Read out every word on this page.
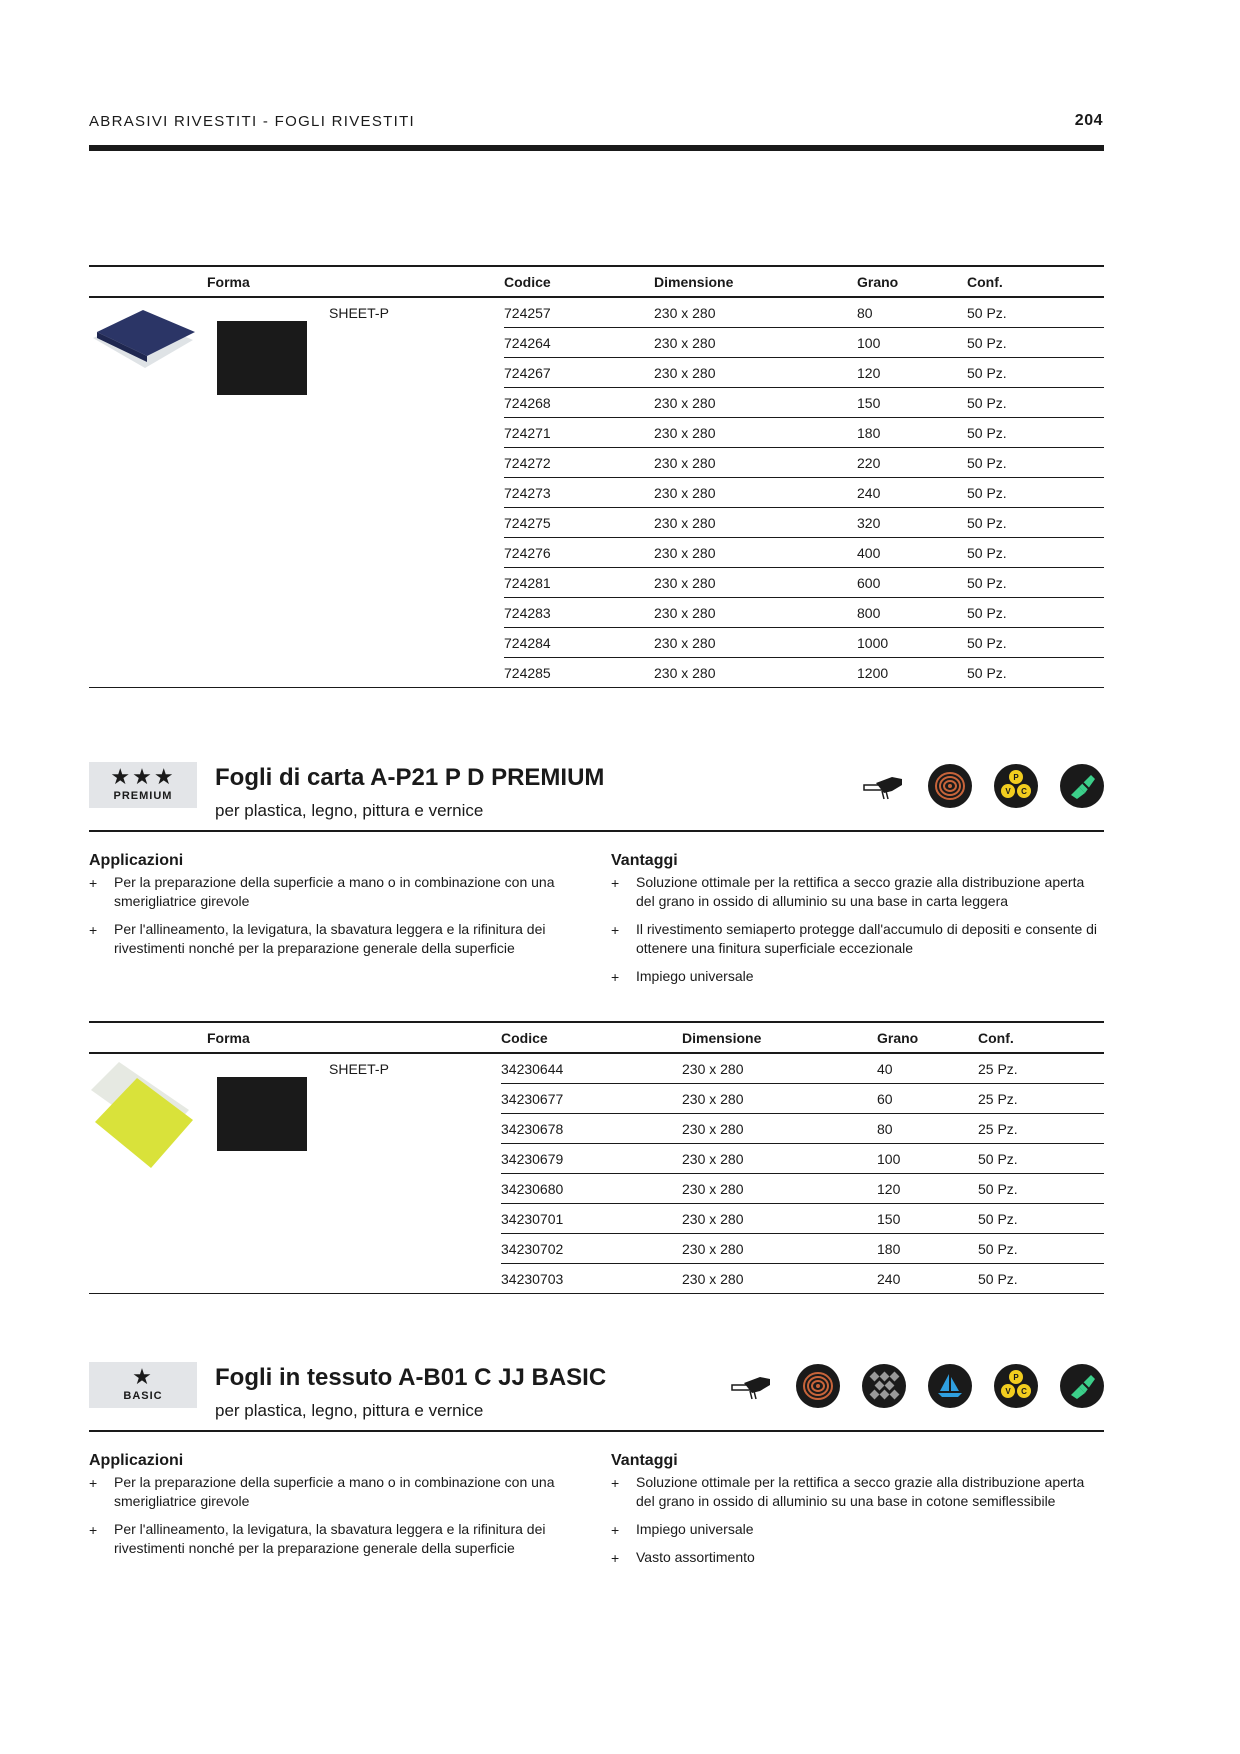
ABRASIVI RIVESTITI - FOGLI RIVESTITI	204
Forma	Codice	Dimensione	Grano	Conf.

SHEET-P	724257	230 x 280	80	50 Pz.
	724264	230 x 280	100	50 Pz.
	724267	230 x 280	120	50 Pz.
	724268	230 x 280	150	50 Pz.
	724271	230 x 280	180	50 Pz.
	724272	230 x 280	220	50 Pz.
	724273	230 x 280	240	50 Pz.
	724275	230 x 280	320	50 Pz.
	724276	230 x 280	400	50 Pz.
	724281	230 x 280	600	50 Pz.
	724283	230 x 280	800	50 Pz.
	724284	230 x 280	1000	50 Pz.
	724285	230 x 280	1200	50 Pz.
★★★
PREMIUM
Fogli di carta A-P21 P D PREMIUM
per plastica, legno, pittura e vernice
P
V C
Applicazioni
+ Per la preparazione della superficie a mano o in combinazione con una smerigliatrice girevole
+ Per l'allineamento, la levigatura, la sbavatura leggera e la rifinitura dei rivestimenti nonché per la preparazione generale della superficie
Vantaggi
+ Soluzione ottimale per la rettifica a secco grazie alla distribuzione aperta del grano in ossido di alluminio su una base in carta leggera
+ Il rivestimento semiaperto protegge dall'accumulo di depositi e consente di ottenere una finitura superficiale eccezionale
+ Impiego universale
Forma	Codice	Dimensione	Grano	Conf.

SHEET-P	34230644	230 x 280	40	25 Pz.
	34230677	230 x 280	60	25 Pz.
	34230678	230 x 280	80	25 Pz.
	34230679	230 x 280	100	50 Pz.
	34230680	230 x 280	120	50 Pz.
	34230701	230 x 280	150	50 Pz.
	34230702	230 x 280	180	50 Pz.
	34230703	230 x 280	240	50 Pz.
★
BASIC
Fogli in tessuto A-B01 C JJ BASIC
per plastica, legno, pittura e vernice
P
V C
Applicazioni
+ Per la preparazione della superficie a mano o in combinazione con una smerigliatrice girevole
+ Per l'allineamento, la levigatura, la sbavatura leggera e la rifinitura dei rivestimenti nonché per la preparazione generale della superficie
Vantaggi
+ Soluzione ottimale per la rettifica a secco grazie alla distribuzione aperta del grano in ossido di alluminio su una base in cotone semiflessibile
+ Impiego universale
+ Vasto assortimento
